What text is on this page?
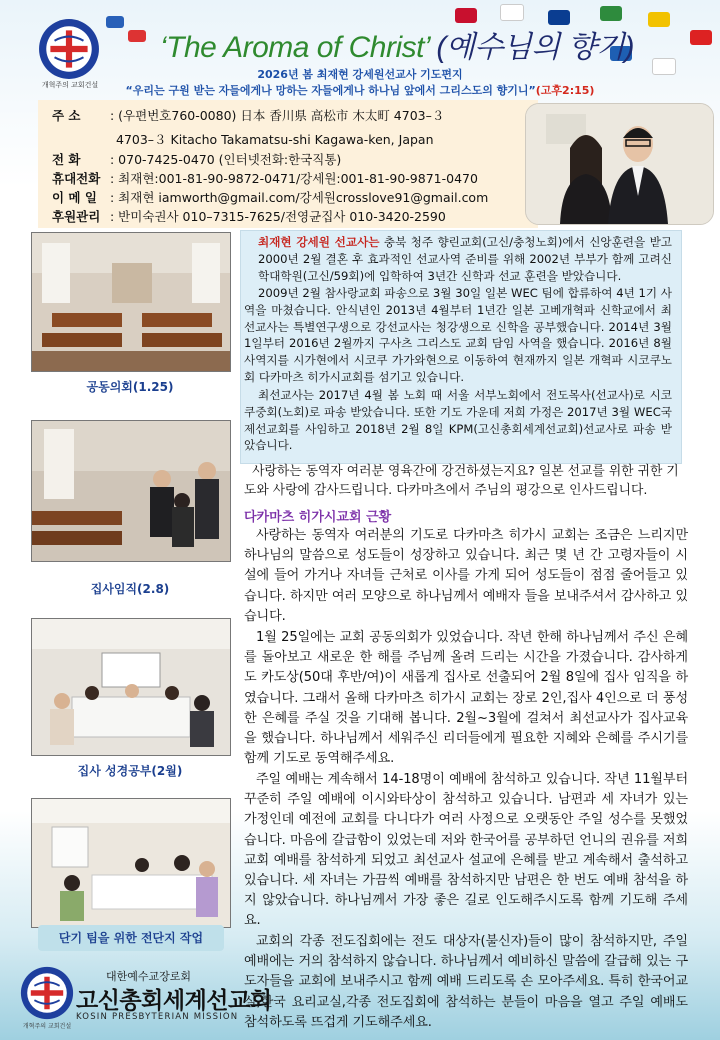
개혁주의 교회건설
‘The Aroma of Christ’ (예수님의 향기)
2026년 봄 최재현 강세원선교사 기도편지
“우리는 구원 받는 자들에게나 망하는 자들에게나 하나님 앞에서 그리스도의 향기니”(고후2:15)
주 소 : (우편번호760-0080) 日本 香川県 高松市 木太町 4703–３
4703–３ Kitacho Takamatsu-shi Kagawa-ken, Japan
전 화 : 070-7425-0470 (인터넷전화:한국직통)
휴대전화 : 최재현:001-81-90-9872-0471/강세원:001-81-90-9871-0470
이 메 일 : 최재현 iamworth@gmail.com/강세원crosslove91@gmail.com
후원관리 : 반미숙권사 010–7315-7625/전영균집사 010-3420-2590
공동의회(1.25)
집사임직(2.8)
집사 성경공부(2월)
단기 팀을 위한 전단지 작업
최재현 강세원 선교사는 충북 청주 향린교회(고신/충청노회)에서 신앙훈련을 받고 2000년 2월 결혼 후 효과적인 선교사역 준비를 위해 2002년 부부가 함께 고려신학대학원(고신/59회)에 입학하여 3년간 신학과 선교 훈련을 받았습니다.
2009년 2월 참사랑교회 파송으로 3월 30일 일본 WEC 팀에 합류하여 4년 1기 사역을 마쳤습니다. 안식년인 2013년 4월부터 1년간 일본 고베개혁파 신학교에서 최선교사는 특별연구생으로 강선교사는 청강생으로 신학을 공부했습니다. 2014년 3월 1일부터 2016년 2월까지 구사츠 그리스도 교회 담임 사역을 했습니다. 2016년 8월 사역지를 시가현에서 시코쿠 가가와현으로 이동하여 현재까지 일본 개혁파 시코쿠노회 다카마츠 히가시교회를 섬기고 있습니다.
최선교사는 2017년 4월 봄 노회 때 서울 서부노회에서 전도목사(선교사)로 시코쿠중회(노회)로 파송 받았습니다. 또한 기도 가운데 저희 가정은 2017년 3월 WEC국제선교회를 사임하고 2018년 2월 8일 KPM(고신총회세계선교회)선교사로 파송 받았습니다.
사랑하는 동역자 여러분 영육간에 강건하셨는지요? 일본 선교를 위한 귀한 기도와 사랑에 감사드립니다. 다카마츠에서 주님의 평강으로 인사드립니다.
다카마츠 히가시교회 근황
사랑하는 동역자 여러분의 기도로 다카마츠 히가시 교회는 조금은 느리지만 하나님의 말씀으로 성도들이 성장하고 있습니다. 최근 몇 년 간 고령자들이 시설에 들어 가거나 자녀들 근처로 이사를 가게 되어 성도들이 점점 줄어들고 있습니다. 하지만 여러 모양으로 하나님께서 예배자 들을 보내주셔서 감사하고 있습니다.
1월 25일에는 교회 공동의회가 있었습니다. 작년 한해 하나님께서 주신 은혜를 돌아보고 새로운 한 해를 주님께 올려 드리는 시간을 가졌습니다. 감사하게도 카도상(50대 후반/여)이 새롭게 집사로 선출되어 2월 8일에 집사 임직을 하였습니다. 그래서 올해 다카마츠 히가시 교회는 장로 2인,집사 4인으로 더 풍성한 은혜를 주실 것을 기대해 봅니다. 2월~3월에 걸쳐서 최선교사가 집사교육을 했습니다. 하나님께서 세워주신 리더들에게 필요한 지혜와 은혜를 주시기를 함께 기도로 동역해주세요.
주일 예배는 계속해서 14-18명이 예배에 참석하고 있습니다. 작년 11월부터 꾸준히 주일 예배에 이시와타상이 참석하고 있습니다. 남편과 세 자녀가 있는 가정인데 예전에 교회를 다니다가 여러 사정으로 오랫동안 주일 성수를 못했었습니다. 마음에 갈급함이 있었는데 저와 한국어를 공부하던 언니의 권유를 저희 교회 예배를 참석하게 되었고 최선교사 설교에 은혜를 받고 계속해서 출석하고 있습니다. 세 자녀는 가끔씩 예배를 참석하지만 남편은 한 번도 예배 참석을 하지 않았습니다. 하나님께서 가장 좋은 길로 인도해주시도록 함께 기도해 주세요.
교회의 각종 전도집회에는 전도 대상자(불신자)들이 많이 참석하지만, 주일 예배에는 거의 참석하지 않습니다. 하나님께서 예비하신 말씀에 갈급해 있는 구도자들을 교회에 보내주시고 함께 예배 드리도록 손 모아주세요. 특히 한국어교실,한국 요리교실,각종 전도집회에 참석하는 분들이 마음을 열고 주일 예배도 참석하도록 뜨겁게 기도해주세요.
개혁주의 교회건설
대한예수교장로회
고신총회세계선교회
KOSIN PRESBYTERIAN MISSION
